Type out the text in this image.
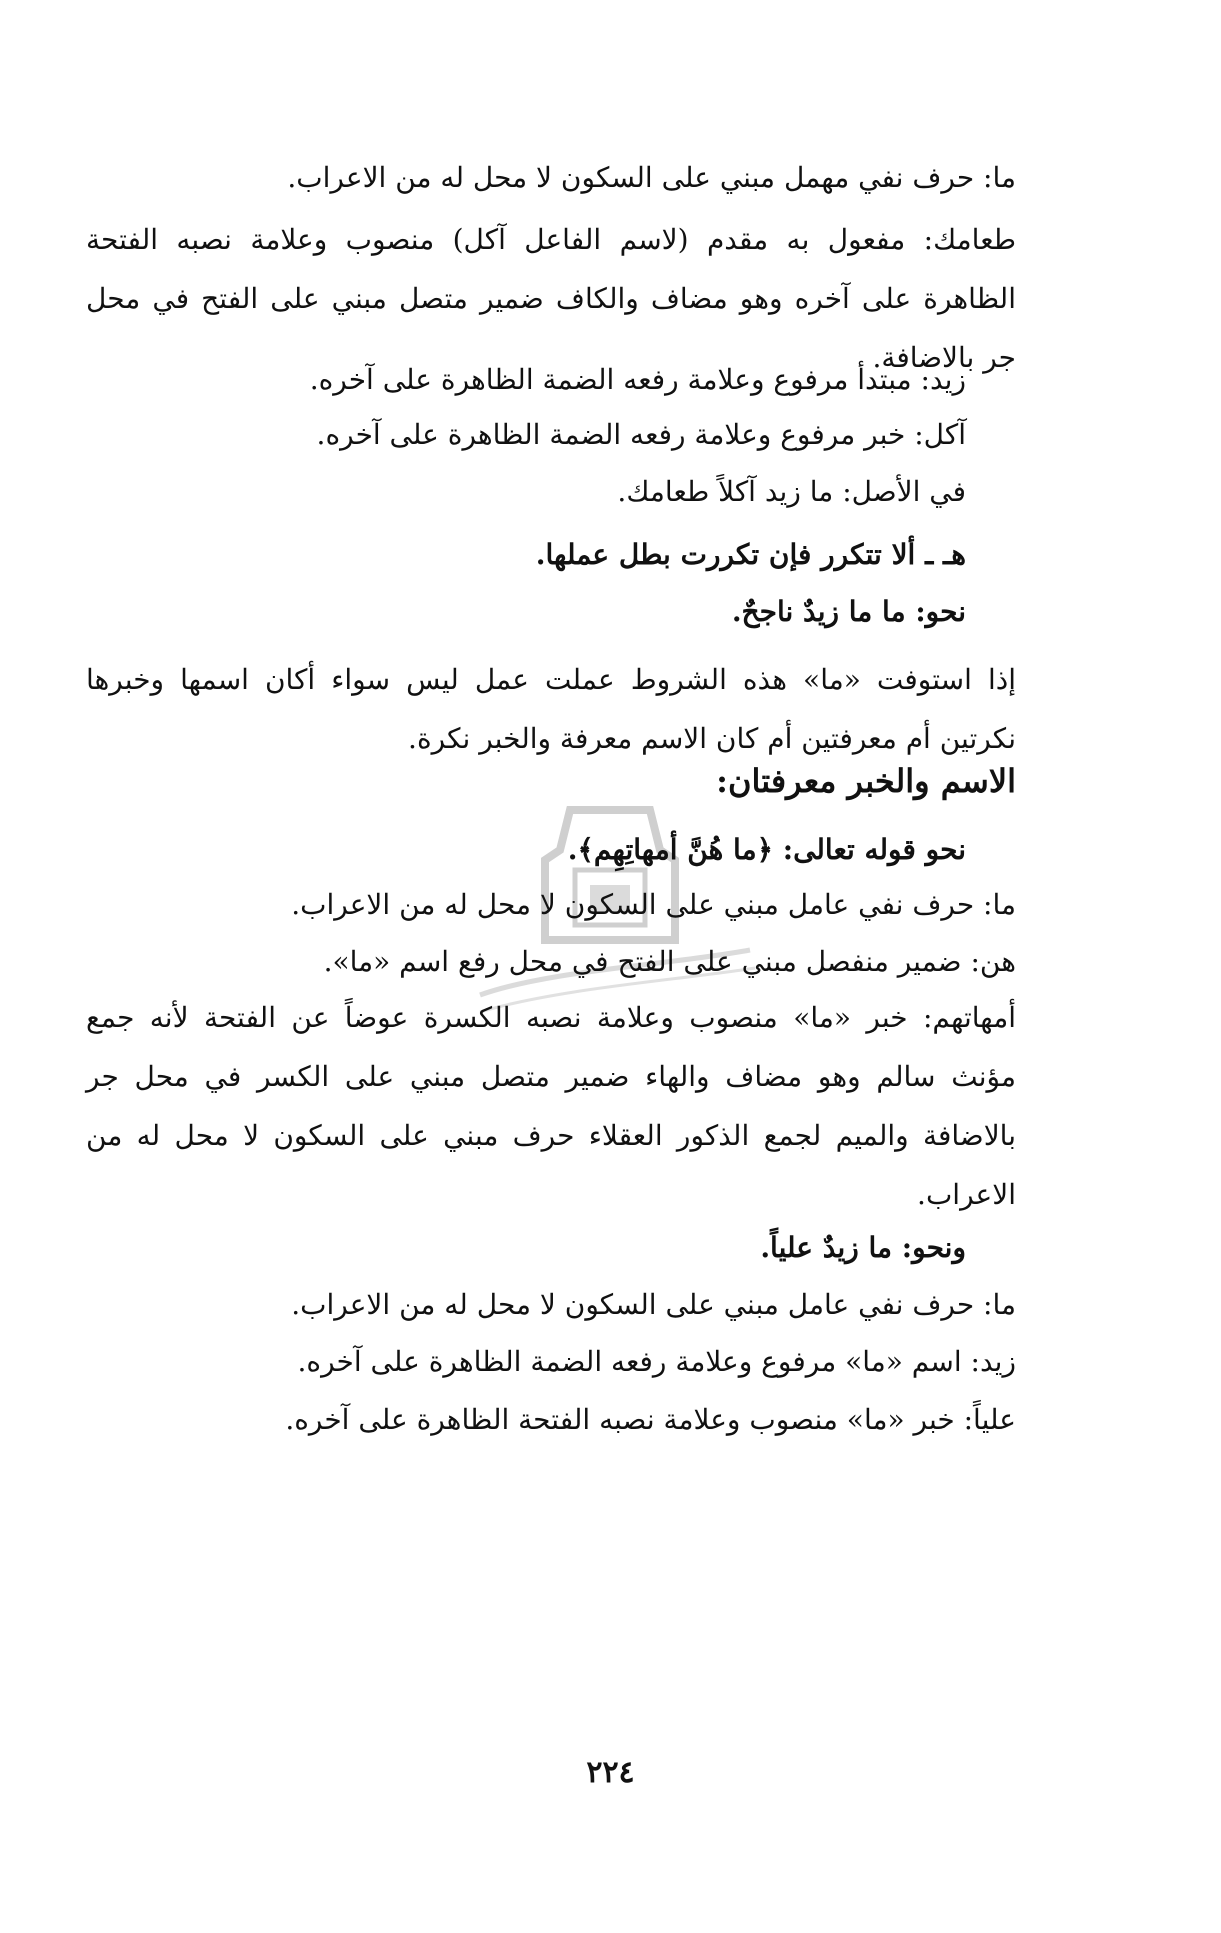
ما: حرف نفي مهمل مبني على السكون لا محل له من الاعراب.

طعامك: مفعول به مقدم (لاسم الفاعل آكل) منصوب وعلامة نصبه الفتحة الظاهرة على آخره وهو مضاف والكاف ضمير متصل مبني على الفتح في محل جر بالاضافة.

زيد: مبتدأ مرفوع وعلامة رفعه الضمة الظاهرة على آخره.

آكل: خبر مرفوع وعلامة رفعه الضمة الظاهرة على آخره.

في الأصل: ما زيد آكلاً طعامك.

هـ ـ ألا تتكرر فإن تكررت بطل عملها.

نحو: ما ما زيدٌ ناجحٌ.

إذا استوفت «ما» هذه الشروط عملت عمل ليس سواء أكان اسمها وخبرها نكرتين أم معرفتين أم كان الاسم معرفة والخبر نكرة.

الاسم والخبر معرفتان:

نحو قوله تعالى: ﴿ما هُنَّ أمهاتِهِم﴾.

ما: حرف نفي عامل مبني على السكون لا محل له من الاعراب.

هن: ضمير منفصل مبني على الفتح في محل رفع اسم «ما».

أمهاتهم: خبر «ما» منصوب وعلامة نصبه الكسرة عوضاً عن الفتحة لأنه جمع مؤنث سالم وهو مضاف والهاء ضمير متصل مبني على الكسر في محل جر بالاضافة والميم لجمع الذكور العقلاء حرف مبني على السكون لا محل له من الاعراب.

ونحو: ما زيدٌ علياً.

ما: حرف نفي عامل مبني على السكون لا محل له من الاعراب.

زيد: اسم «ما» مرفوع وعلامة رفعه الضمة الظاهرة على آخره.

علياً: خبر «ما» منصوب وعلامة نصبه الفتحة الظاهرة على آخره.

٢٢٤
